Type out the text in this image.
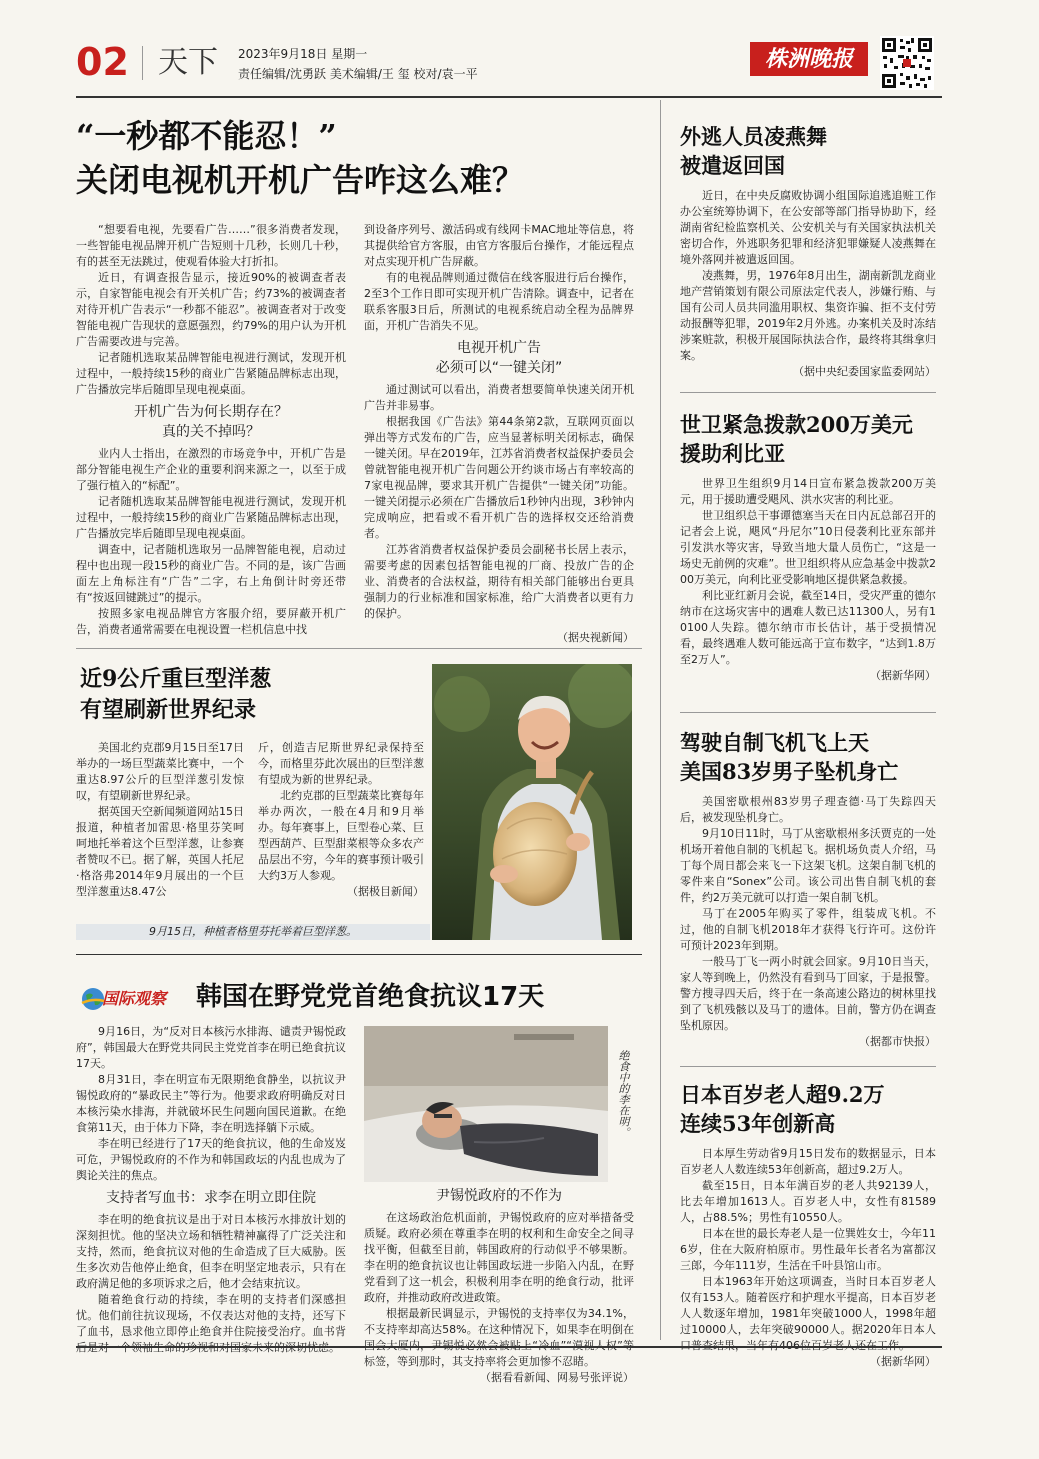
02 天下 2023年9月18日 星期一
责任编辑/沈勇跃 美术编辑/王 玺 校对/袁一平
株洲晚报
“一秒都不能忍！”
关闭电视机开机广告咋这么难？

“想要看电视，先要看广告……”很多消费者发现，一些智能电视品牌开机广告短则十几秒，长则几十秒，有的甚至无法跳过，使观看体验大打折扣。

近日，有调查报告显示，接近90%的被调查者表示，自家智能电视会有开关机广告；约73%的被调查者对待开机广告表示“一秒都不能忍”。被调查者对于改变智能电视广告现状的意愿强烈，约79%的用户认为开机广告需要改进与完善。

记者随机选取某品牌智能电视进行测试，发现开机过程中，一般持续15秒的商业广告紧随品牌标志出现，广告播放完毕后随即呈现电视桌面。

开机广告为何长期存在？
真的关不掉吗？

业内人士指出，在激烈的市场竞争中，开机广告是部分智能电视生产企业的重要利润来源之一，以至于成了强行植入的“标配”。

记者随机选取某品牌智能电视进行测试，发现开机过程中，一般持续15秒的商业广告紧随品牌标志出现，广告播放完毕后随即呈现电视桌面。

调查中，记者随机选取另一品牌智能电视，启动过程中也出现一段15秒的商业广告。不同的是，该广告画面左上角标注有“广告”二字，右上角倒计时旁还带有“按返回键跳过”的提示。

按照多家电视品牌官方客服介绍，要屏蔽开机广告，消费者通常需要在电视设置一栏机信息中找

到设备序列号、激活码或有线网卡MAC地址等信息，将其提供给官方客服，由官方客服后台操作，才能远程点对点实现开机广告屏蔽。

有的电视品牌则通过微信在线客服进行后台操作，2至3个工作日即可实现开机广告清除。调查中，记者在联系客服3日后，所测试的电视系统启动全程为品牌界面，开机广告消失不见。

电视开机广告
必须可以“一键关闭”

通过测试可以看出，消费者想要简单快速关闭开机广告并非易事。

根据我国《广告法》第44条第2款，互联网页面以弹出等方式发布的广告，应当显著标明关闭标志，确保一键关闭。早在2019年，江苏省消费者权益保护委员会曾就智能电视开机广告问题公开约谈市场占有率较高的7家电视品牌，要求其开机广告提供“一键关闭”功能。一键关闭提示必须在广告播放后1秒钟内出现，3秒钟内完成响应，把看或不看开机广告的选择权交还给消费者。

江苏省消费者权益保护委员会副秘书长居上表示，需要考虑的因素包括智能电视的厂商、投放广告的企业、消费者的合法权益，期待有相关部门能够出台更具强制力的行业标准和国家标准，给广大消费者以更有力的保护。

（据央视新闻）

近9公斤重巨型洋葱
有望刷新世界纪录

美国北约克郡9月15日至17日举办的一场巨型蔬菜比赛中，一个重达8.97公斤的巨型洋葱引发惊叹，有望刷新世界纪录。

据英国天空新闻频道网站15日报道，种植者加雷思·格里芬笑呵呵地托举着这个巨型洋葱，让参赛者赞叹不已。据了解，英国人托尼·格洛弗2014年9月展出的一个巨型洋葱重达8.47公

斤，创造吉尼斯世界纪录保持至今，而格里芬此次展出的巨型洋葱有望成为新的世界纪录。

北约克郡的巨型蔬菜比赛每年举办两次，一般在4月和9月举办。每年赛事上，巨型卷心菜、巨型西葫芦、巨型甜菜根等众多农产品层出不穷，今年的赛事预计吸引大约3万人参观。

（据极目新闻）

9月15日，种植者格里芬托举着巨型洋葱。
国际观察 韩国在野党党首绝食抗议17天

9月16日，为“反对日本核污水排海、谴责尹锡悦政府”，韩国最大在野党共同民主党党首李在明已绝食抗议17天。

8月31日，李在明宣布无限期绝食静坐，以抗议尹锡悦政府的“暴政民主”等行为。他要求政府明确反对日本核污染水排海，并就破坏民生问题向国民道歉。在绝食第11天，由于体力下降，李在明选择躺下示威。

李在明已经进行了17天的绝食抗议，他的生命岌岌可危，尹锡悦政府的不作为和韩国政坛的内乱也成为了舆论关注的焦点。

支持者写血书：求李在明立即住院

李在明的绝食抗议是出于对日本核污水排放计划的深刻担忧。他的坚决立场和牺牲精神赢得了广泛关注和支持，然而，绝食抗议对他的生命造成了巨大威胁。医生多次劝告他停止绝食，但李在明坚定地表示，只有在政府满足他的多项诉求之后，他才会结束抗议。

随着绝食行动的持续，李在明的支持者们深感担忧。他们前往抗议现场，不仅表达对他的支持，还写下了血书，恳求他立即停止绝食并住院接受治疗。血书背

绝食中的李在明。
尹锡悦政府的不作为

在这场政治危机面前，尹锡悦政府的应对举措备受质疑。政府必须在尊重李在明的权利和生命安全之间寻找平衡，但截至目前，韩国政府的行动似乎不够果断。李在明的绝食抗议也让韩国政坛进一步陷入内乱，在野党看到了这一机会，积极利用李在明的绝食行动，批评政府，并推动政府改进政策。

根据最新民调显示，尹锡悦的支持率仅为34.1%，不支持率却高达58%。在这种情况下，如果李在明倒在 标签，等到那时，其支持率将会更加惨不忍睹。

（据看看新闻、网易号张评说）

外逃人员凌燕舞
被遣返回国

近日，在中央反腐败协调小组国际追逃追赃工作办公室统筹协调下，在公安部等部门指导协助下，经湖南省纪检监察机关、公安机关与有关国家执法机关密切合作，外逃职务犯罪和经济犯罪嫌疑人凌燕舞在境外落网并被遣返回国。

凌燕舞，男，1976年8月出生，湖南新凯龙商业地产营销策划有限公司原法定代表人，涉嫌行贿、与国有公司人员共同滥用职权、集资诈骗、拒不支付劳动报酬等犯罪，2019年2月外逃。办案机关及时冻结涉案赃款，积极开展国际执法合作，最终将其缉拿归案。

（据中央纪委国家监委网站）

世卫紧急拨款200万美元
援助利比亚

世界卫生组织9月14日宣布紧急拨款200万美元，用于援助遭受飓风、洪水灾害的利比亚。

世卫组织总干事谭德塞当天在日内瓦总部召开的记者会上说，飓风“丹尼尔”10日侵袭利比亚东部并引发洪水等灾害，导致当地大量人员伤亡，“这是一场史无前例的灾难”。世卫组织将从应急基金中拨款200万美元，向利比亚受影响地区提供紧急救援。

利比亚红新月会说，截至14日，受灾严重的德尔纳市在这场灾害中的遇难人数已达11300人，另有10100人失踪。德尔纳市市长估计，基于受损情况看，最终遇难人数可能远高于宣布数字，“达到1.8万至2万人”。

（据新华网）

驾驶自制飞机飞上天
美国83岁男子坠机身亡

美国密歇根州83岁男子理查德·马丁失踪四天后，被发现坠机身亡。

9月10日11时，马丁从密歇根州多沃贾克的一处机场开着他自制的飞机起飞。据机场负责人介绍，马丁每个周日都会来飞一下这架飞机。这架自制飞机的零件来自“Sonex”公司。该公司出售自制飞机的套件，约2万美元就可以打造一架自制飞机。

马丁在2005年购买了零件，组装成飞机。不过，他的自制飞机2018年才获得飞行许可。这份许可预计2023年到期。

一般马丁飞一两小时就会回家。9月10日当天，家人等到晚上，仍然没有看到马丁回家，于是报警。警方搜寻四天后，终于在一条高速公路边的树林里找到了飞机残骸以及马丁的遗体。目前，警方仍在调查坠机原因。

（据都市快报）

日本百岁老人超9.2万
连续53年创新高

日本厚生劳动省9月15日发布的数据显示，日本百岁老人人数连续53年创新高，超过9.2万人。

截至15日，日本年满百岁的老人共92139人，比去年增加1613人。百岁老人中，女性有81589人，占88.5%；男性有10550人。

日本在世的最长寿老人是一位巽姓女士，今年116岁，住在大阪府柏原市。男性最年长者名为富都汉三郎，今年111岁，生活在千叶县馆山市。

日本1963年开始这项调查，当时日本百岁老人仅有153人。随着医疗和护理水平提高，日本百岁老人人数逐年增加，1981年突破1000人，1998年超过10000人，去年突破90000人。据2020年日本人

（据新华网）
